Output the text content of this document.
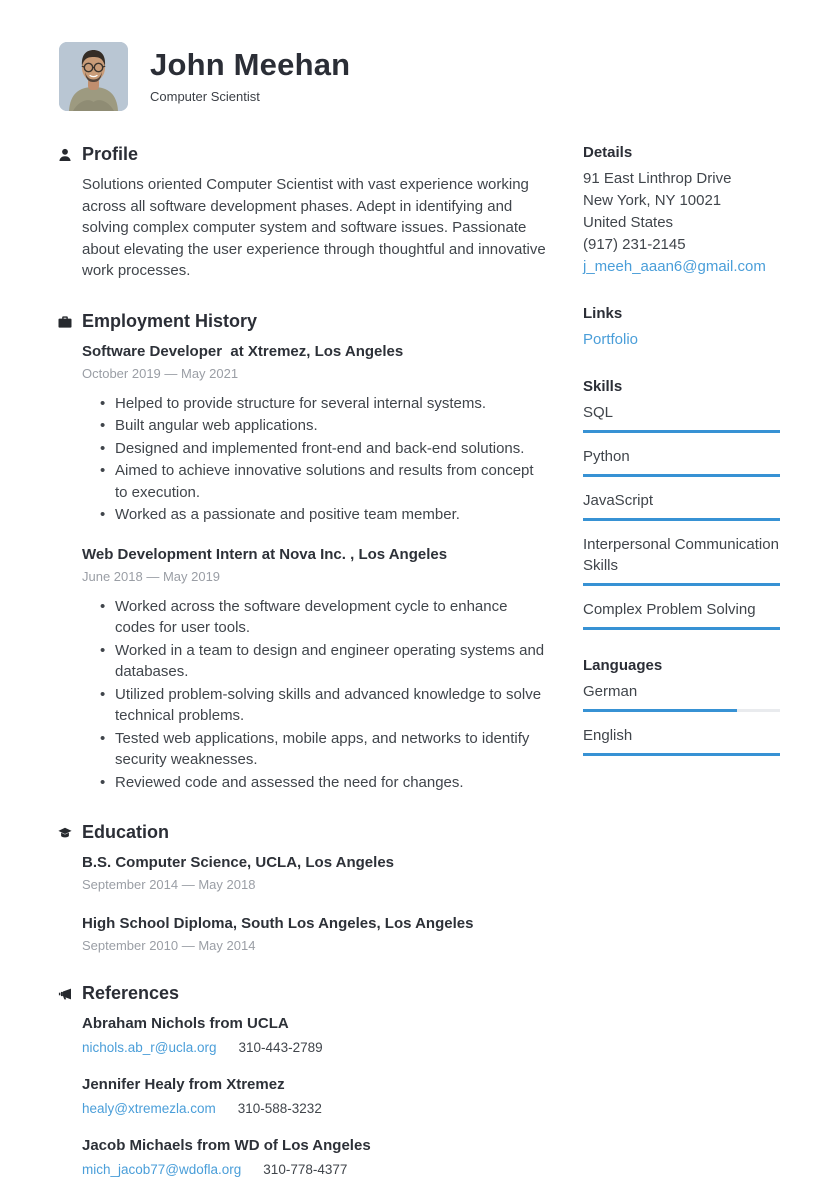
John Meehan
Computer Scientist
Profile

Solutions oriented Computer Scientist with vast experience working across all software development phases. Adept in identifying and solving complex computer system and software issues. Passionate about elevating the user experience through thoughtful and innovative work processes.

Employment History
Software Developer  at Xtremez, Los Angeles
October 2019 — May 2021
• Helped to provide structure for several internal systems.
• Built angular web applications.
• Designed and implemented front-end and back-end solutions.
• Aimed to achieve innovative solutions and results from concept to execution.
• Worked as a passionate and positive team member.
Web Development Intern at Nova Inc. , Los Angeles
June 2018 — May 2019
• Worked across the software development cycle to enhance codes for user tools.
• Worked in a team to design and engineer operating systems and databases.
• Utilized problem-solving skills and advanced knowledge to solve technical problems.
• Tested web applications, mobile apps, and networks to identify security weaknesses.
• Reviewed code and assessed the need for changes.
Education
B.S. Computer Science, UCLA, Los Angeles
September 2014 — May 2018
High School Diploma, South Los Angeles, Los Angeles
September 2010 — May 2014
References
Abraham Nichols from UCLA
nichols.ab_r@ucla.org 310-443-2789
Jennifer Healy from Xtremez
healy@xtremezla.com 310-588-3232
Jacob Michaels from WD of Los Angeles
mich_jacob77@wdofla.org 310-778-4377
Details
91 East Linthrop Drive
New York, NY 10021
United States
(917) 231-2145
j_meeh_aaan6@gmail.com
Links
Portfolio
Skills
SQL
Python
JavaScript
Interpersonal Communication Skills
Complex Problem Solving
Languages
German
English
